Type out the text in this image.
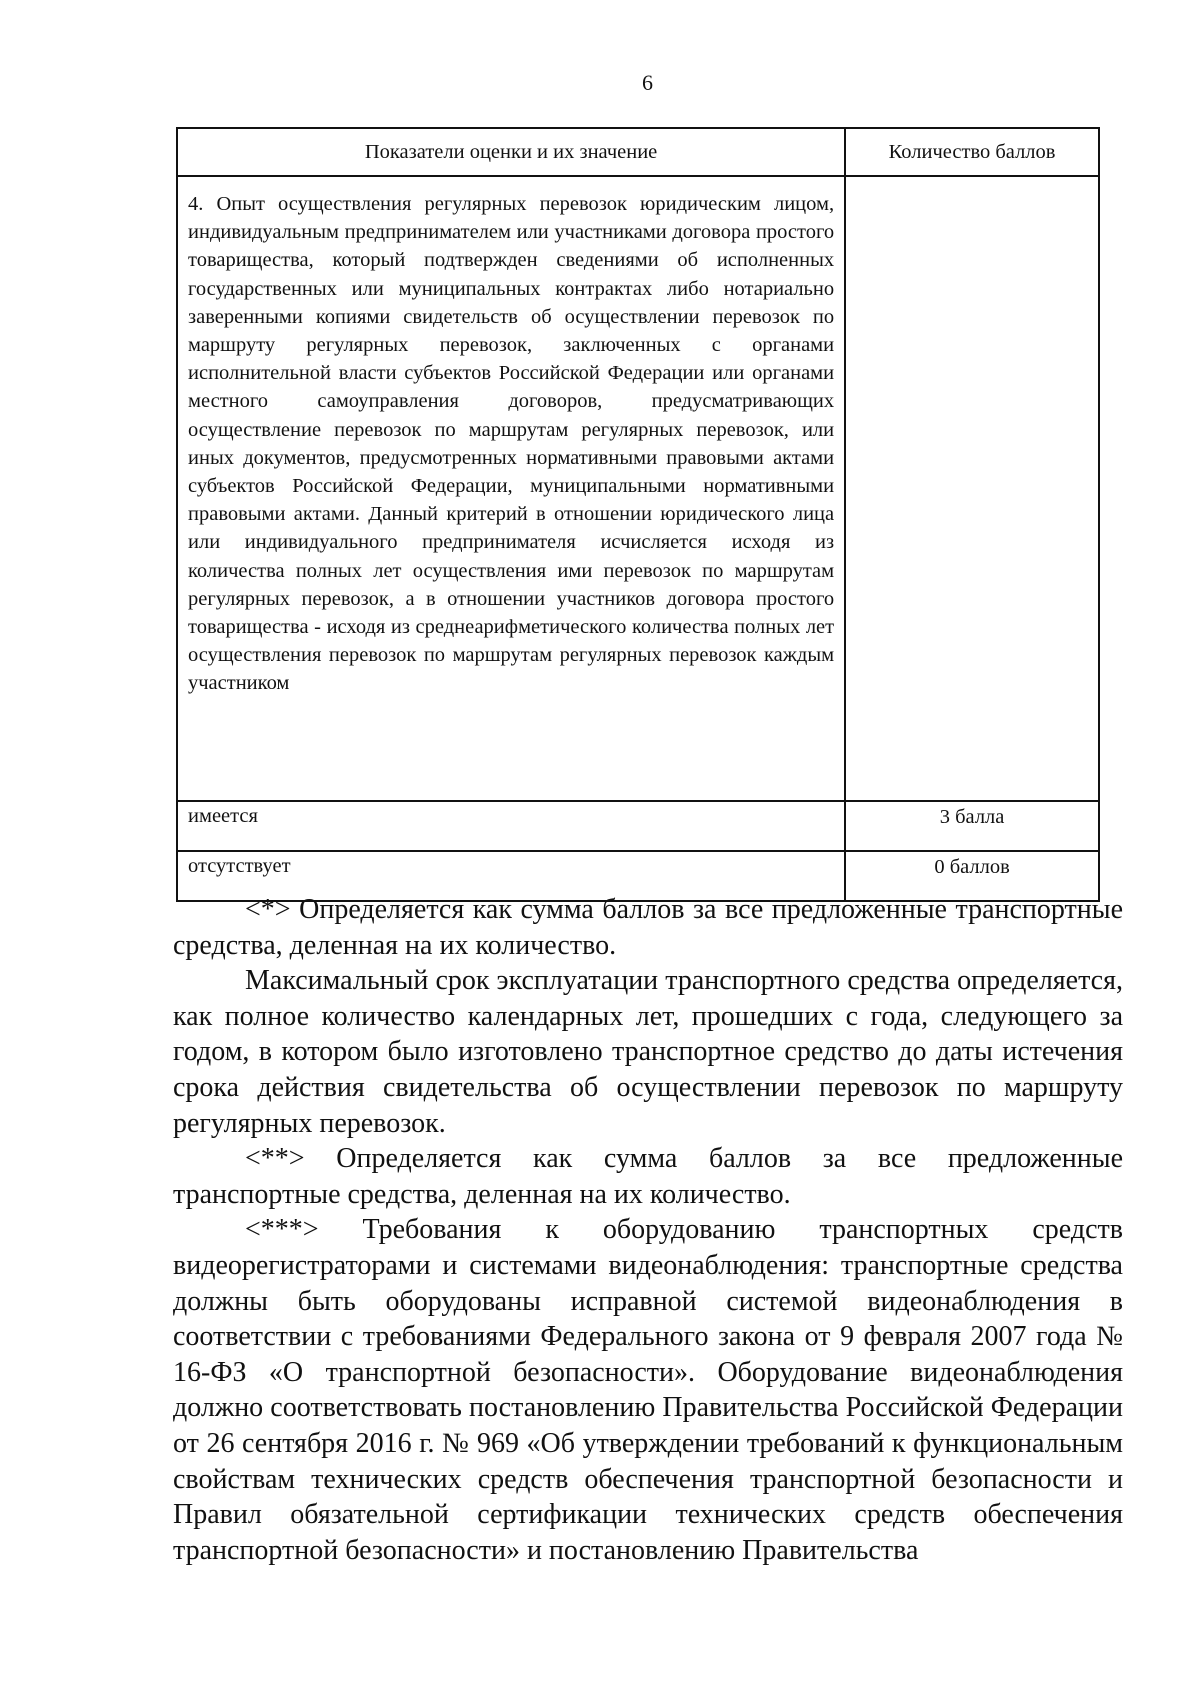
6
Показатели оценки и их значение	Количество баллов
4. Опыт осуществления регулярных перевозок юридическим лицом, индивидуальным предпринимателем или участниками договора простого товарищества, который подтвержден сведениями об исполненных государственных или муниципальных контрактах либо нотариально заверенными копиями свидетельств об осуществлении перевозок по маршруту регулярных перевозок, заключенных с органами исполнительной власти субъектов Российской Федерации или органами местного самоуправления договоров, предусматривающих осуществление перевозок по маршрутам регулярных перевозок, или иных документов, предусмотренных нормативными правовыми актами субъектов Российской Федерации, муниципальными нормативными правовыми актами. Данный критерий в отношении юридического лица или индивидуального предпринимателя исчисляется исходя из количества полных лет осуществления ими перевозок по маршрутам регулярных перевозок, а в отношении участников договора простого товарищества - исходя из среднеарифметического количества полных лет осуществления перевозок по маршрутам регулярных перевозок каждым участником	
имеется	3 балла
отсутствует	0 баллов

<*> Определяется как сумма баллов за все предложенные транспортные средства, деленная на их количество.

Максимальный срок эксплуатации транспортного средства определяется, как полное количество календарных лет, прошедших с года, следующего за годом, в котором было изготовлено транспортное средство до даты истечения срока действия свидетельства об осуществлении перевозок по маршруту регулярных перевозок.

<**> Определяется как сумма баллов за все предложенные транспортные средства, деленная на их количество.

<***> Требования к оборудованию транспортных средств видеорегистраторами и системами видеонаблюдения: транспортные средства должны быть оборудованы исправной системой видеонаблюдения в соответствии с требованиями Федерального закона от 9 февраля 2007 года № 16-ФЗ «О транспортной безопасности». Оборудование видеонаблюдения должно соответствовать постановлению Правительства Российской Федерации от 26 сентября 2016 г. № 969 «Об утверждении требований к функциональным свойствам технических средств обеспечения транспортной безопасности и Правил обязательной сертификации технических средств обеспечения транспортной безопасности» и постановлению Правительства
